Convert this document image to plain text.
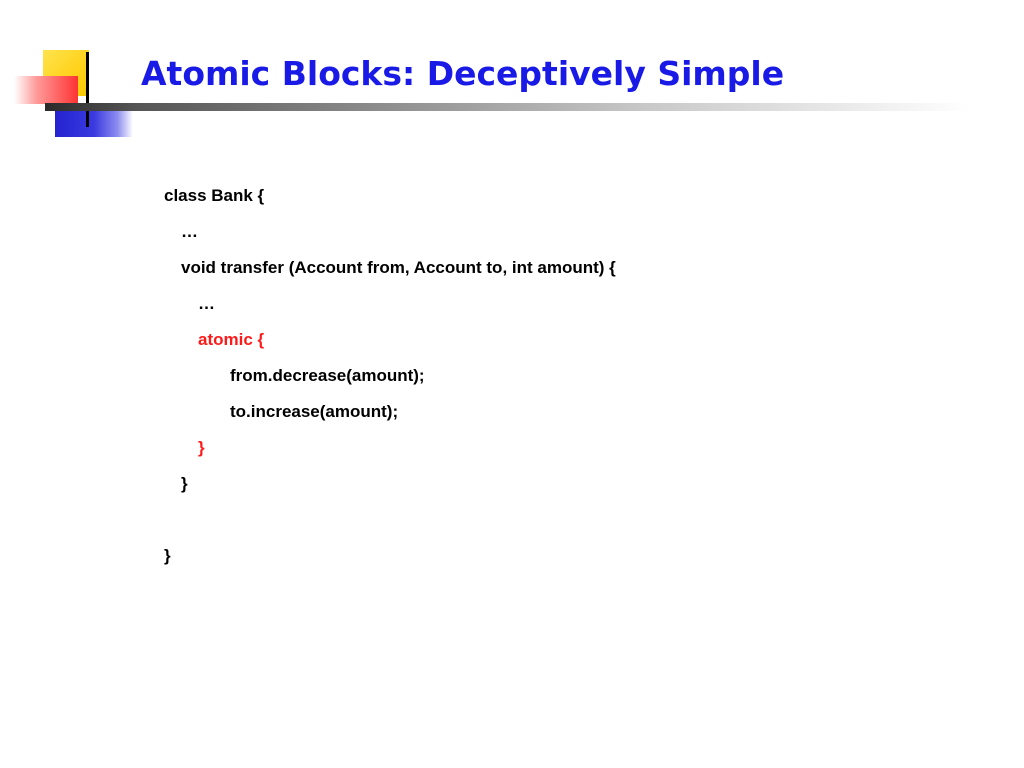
Atomic Blocks: Deceptively Simple
class Bank {
…
void transfer (Account from, Account to, int amount) {
…
atomic {
from.decrease(amount);
to.increase(amount);
}
}
}
